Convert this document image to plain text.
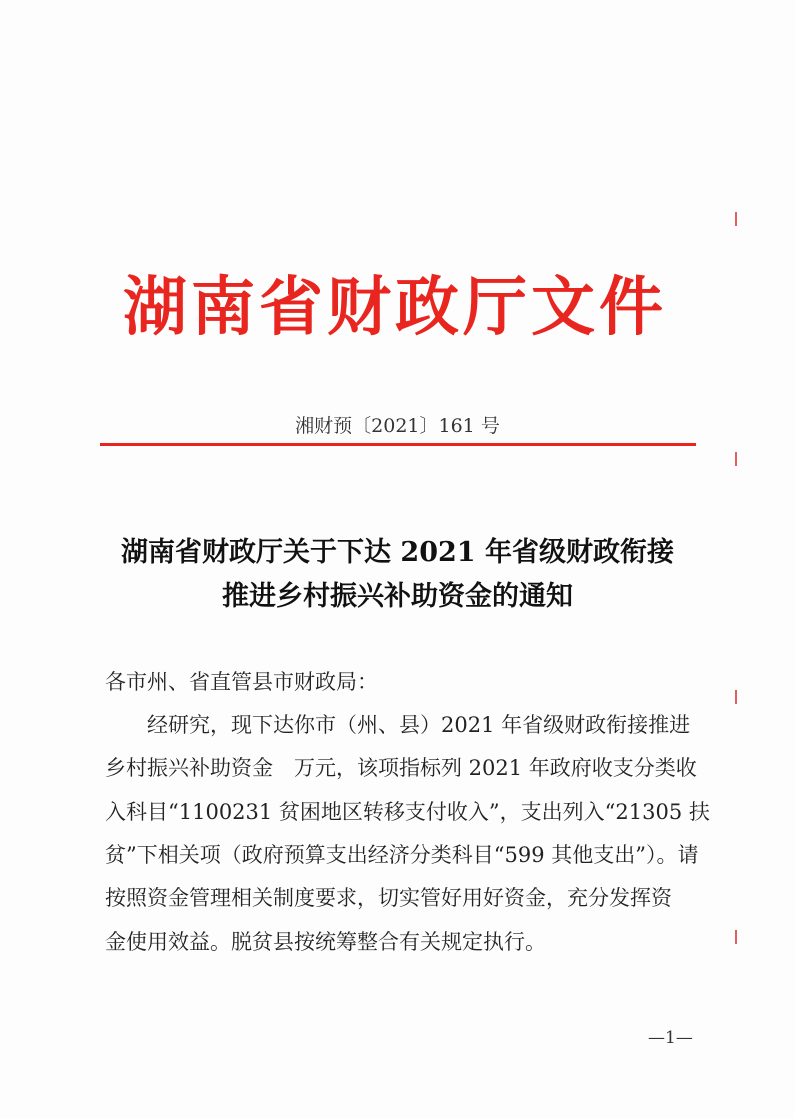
湖南省财政厅文件
湘财预〔2021〕161 号
湖南省财政厅关于下达 2021 年省级财政衔接
推进乡村振兴补助资金的通知
各市州、省直管县市财政局：
　　经研究，现下达你市（州、县）2021 年省级财政衔接推进
乡村振兴补助资金　万元，该项指标列 2021 年政府收支分类收
入科目“1100231 贫困地区转移支付收入”，支出列入“21305 扶
贫”下相关项（政府预算支出经济分类科目“599 其他支出”）。请
按照资金管理相关制度要求，切实管好用好资金，充分发挥资
金使用效益。脱贫县按统筹整合有关规定执行。
—1—
